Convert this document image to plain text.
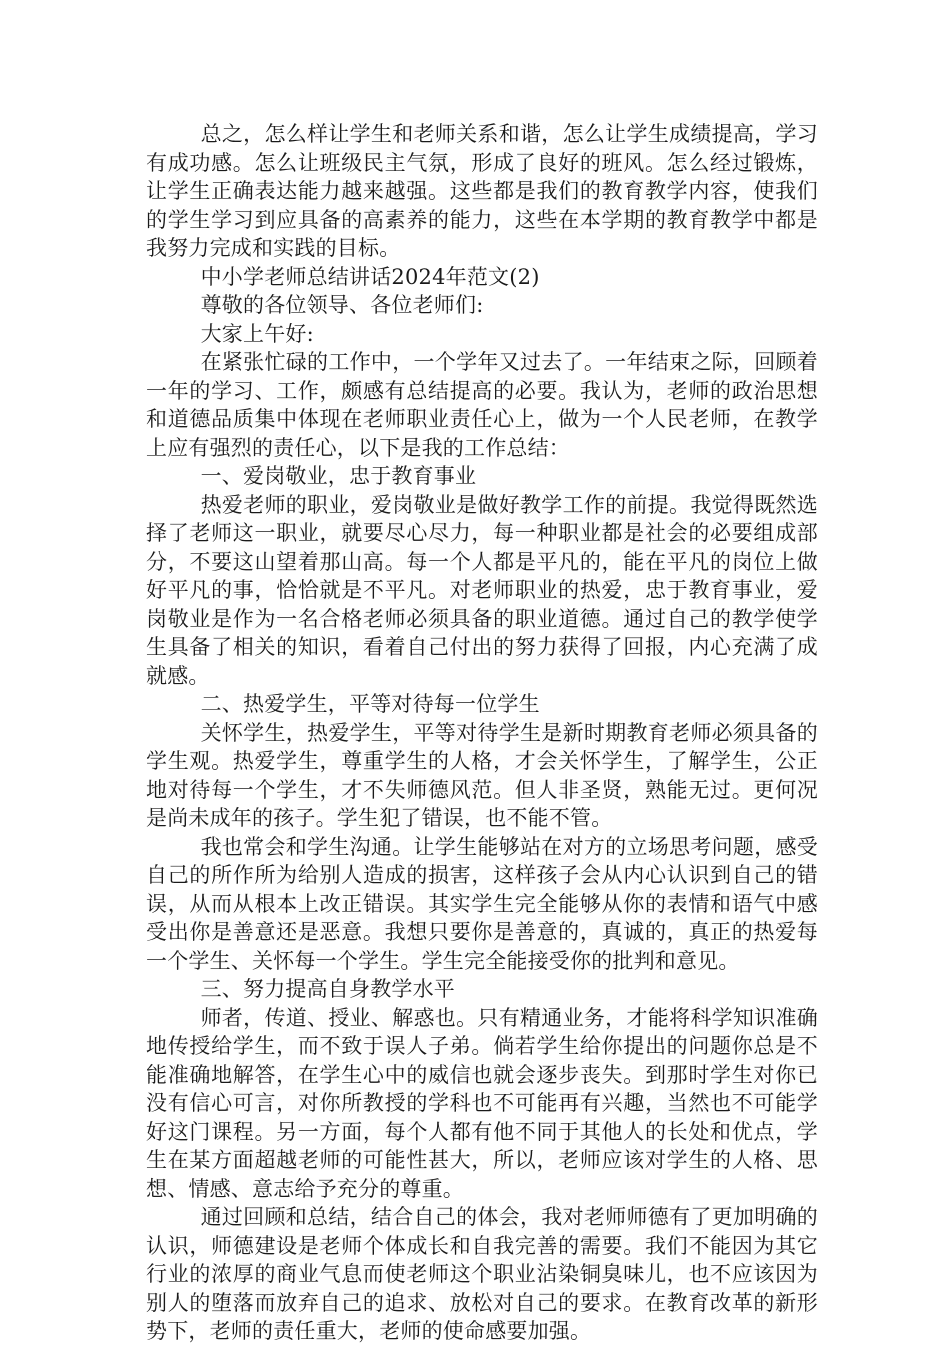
总之，怎么样让学生和老师关系和谐，怎么让学生成绩提高，学习有成功感。怎么让班级民主气氛，形成了良好的班风。怎么经过锻炼，让学生正确表达能力越来越强。这些都是我们的教育教学内容，使我们的学生学习到应具备的高素养的能力，这些在本学期的教育教学中都是我努力完成和实践的目标。

中小学老师总结讲话2024年范文(2)

尊敬的各位领导、各位老师们:

大家上午好:

在紧张忙碌的工作中，一个学年又过去了。一年结束之际，回顾着一年的学习、工作，颇感有总结提高的必要。我认为，老师的政治思想和道德品质集中体现在老师职业责任心上，做为一个人民老师，在教学上应有强烈的责任心，以下是我的工作总结：

一、爱岗敬业，忠于教育事业

热爱老师的职业，爱岗敬业是做好教学工作的前提。我觉得既然选择了老师这一职业，就要尽心尽力，每一种职业都是社会的必要组成部分，不要这山望着那山高。每一个人都是平凡的，能在平凡的岗位上做好平凡的事，恰恰就是不平凡。对老师职业的热爱，忠于教育事业，爱岗敬业是作为一名合格老师必须具备的职业道德。通过自己的教学使学生具备了相关的知识，看着自己付出的努力获得了回报，内心充满了成就感。

二、热爱学生，平等对待每一位学生

关怀学生，热爱学生，平等对待学生是新时期教育老师必须具备的学生观。热爱学生，尊重学生的人格，才会关怀学生，了解学生，公正地对待每一个学生，才不失师德风范。但人非圣贤，熟能无过。更何况是尚未成年的孩子。学生犯了错误，也不能不管。

我也常会和学生沟通。让学生能够站在对方的立场思考问题，感受自己的所作所为给别人造成的损害，这样孩子会从内心认识到自己的错误，从而从根本上改正错误。其实学生完全能够从你的表情和语气中感受出你是善意还是恶意。我想只要你是善意的，真诚的，真正的热爱每一个学生、关怀每一个学生。学生完全能接受你的批判和意见。

三、努力提高自身教学水平

师者，传道、授业、解惑也。只有精通业务，才能将科学知识准确地传授给学生，而不致于误人子弟。倘若学生给你提出的问题你总是不能准确地解答，在学生心中的威信也就会逐步丧失。到那时学生对你已没有信心可言，对你所教授的学科也不可能再有兴趣，当然也不可能学好这门课程。另一方面，每个人都有他不同于其他人的长处和优点，学生在某方面超越老师的可能性甚大，所以，老师应该对学生的人格、思想、情感、意志给予充分的尊重。

通过回顾和总结，结合自己的体会，我对老师师德有了更加明确的认识，师德建设是老师个体成长和自我完善的需要。我们不能因为其它行业的浓厚的商业气息而使老师这个职业沾染铜臭味儿，也不应该因为别人的堕落而放弃自己的追求、放松对自己的要求。在教育改革的新形势下，老师的责任重大，老师的使命感要加强。
